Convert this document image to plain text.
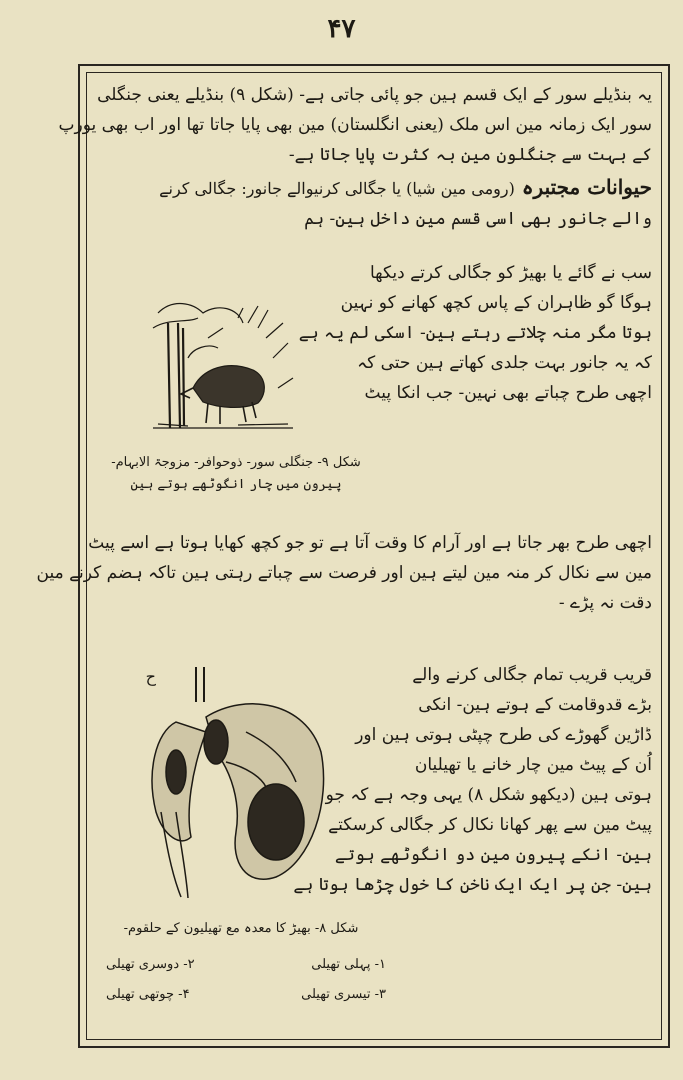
۴۷
یہ بنڈیلے سور کے ایک قسم ہین جو پائی جاتی ہے- (شکل ۹) بنڈیلے یعنی جنگلی
سور ایک زمانہ مین اس ملک (یعنی انگلستان) مین بھی پایا جاتا تھا اور اب بھی یورپ
کے بہت سے جنگلون مین بہ کثرت پایا جاتا ہے-
حیوانات مجتبرہ (رومی مین شیا) یا جگالی کرنیوالے جانور: جگالی کرنے
والے جانور بھی اسی قسم مین داخل ہین- ہم
سب نے گائے یا بھیڑ کو جگالی کرتے دیکھا
ہوگا گو ظاہران کے پاس کچھ کھانے کو نہین
ہوتا مگر منہ چلاتے رہتے ہین- اسکی لم یہ ہے
کہ یہ جانور بہت جلدی کھاتے ہین حتی کہ
اچھی طرح چباتے بھی نہین- جب انکا پیٹ
اچھی طرح بھر جاتا ہے اور آرام کا وقت آتا ہے تو جو کچھ کھایا ہوتا ہے اسے پیٹ
مین سے نکال کر منہ مین لیتے ہین اور فرصت سے چباتے رہتی ہین تاکہ ہضم کرنے مین
دقت نہ پڑے -
قریب قریب تمام جگالی کرنے والے
بڑے قدوقامت کے ہوتے ہین- انکی
ڈاڑین گھوڑے کی طرح چپٹی ہوتی ہین اور
اُن کے پیٹ مین چار خانے یا تھیلیان
ہوتی ہین (دیکھو شکل ۸) یہی وجہ ہے کہ جو
پیٹ مین سے پھر کھانا نکال کر جگالی کرسکتے
ہین- انکے پیرون مین دو انگوٹھے ہوتے
ہین- جن پر ایک ایک ناخن کا خول چڑھا ہوتا ہے
شکل ۹- جنگلی سور- ذوحوافر- مزوجۃ الابہام-
پیرون میں چار انگوٹھے ہوتے ہین
ح
شکل ۸- بھیڑ کا معدہ مع تھیلیون کے حلقوم-
۱- پہلی تھیلی
۲- دوسری تھیلی
۳- تیسری تھیلی
۴- چوتھی تھیلی
